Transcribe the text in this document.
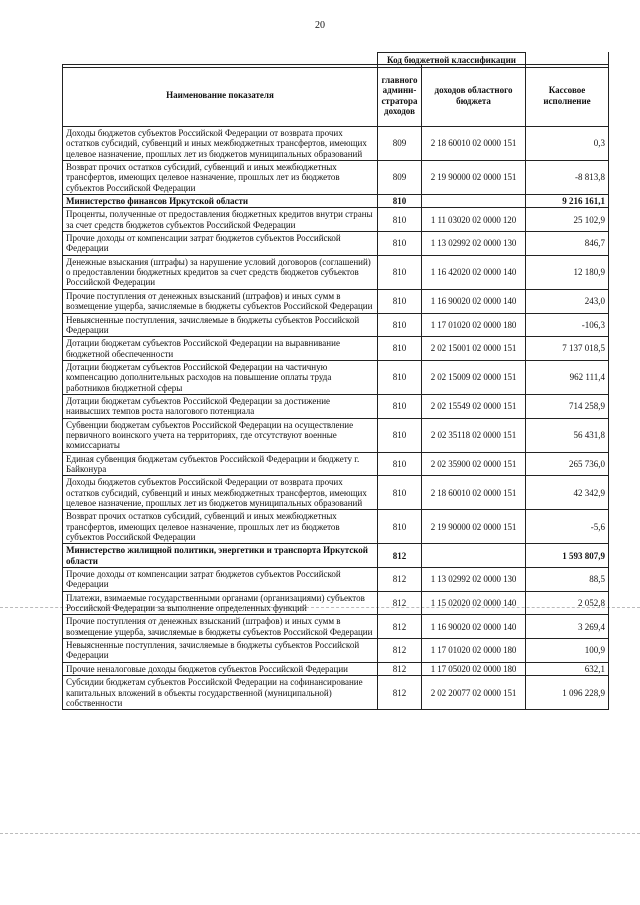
20
	Код бюджетной классификации	
Наименование показателя	главного админи-стратора доходов	доходов областного бюджета	Кассовое исполнение
Доходы бюджетов субъектов Российской Федерации от возврата прочих остатков субсидий, субвенций и иных межбюджетных трансфертов, имеющих целевое назначение, прошлых лет из бюджетов муниципальных образований	809	2 18 60010 02 0000 151	0,3
Возврат прочих остатков субсидий, субвенций и иных межбюджетных трансфертов, имеющих целевое назначение, прошлых лет из бюджетов субъектов Российской Федерации	809	2 19 90000 02 0000 151	-8 813,8
Министерство финансов Иркутской области	810		9 216 161,1
Проценты, полученные от предоставления бюджетных кредитов внутри страны за счет средств бюджетов субъектов Российской Федерации	810	1 11 03020 02 0000 120	25 102,9
Прочие доходы от компенсации затрат бюджетов субъектов Российской Федерации	810	1 13 02992 02 0000 130	846,7
Денежные взыскания (штрафы) за нарушение условий договоров (соглашений) о предоставлении бюджетных кредитов за счет средств бюджетов субъектов Российской Федерации	810	1 16 42020 02 0000 140	12 180,9
Прочие поступления от денежных взысканий (штрафов) и иных сумм в возмещение ущерба, зачисляемые в бюджеты субъектов Российской Федерации	810	1 16 90020 02 0000 140	243,0
Невыясненные поступления, зачисляемые в бюджеты субъектов Российской Федерации	810	1 17 01020 02 0000 180	-106,3
Дотации бюджетам субъектов Российской Федерации на выравнивание бюджетной обеспеченности	810	2 02 15001 02 0000 151	7 137 018,5
Дотации бюджетам субъектов Российской Федерации на частичную компенсацию дополнительных расходов на повышение оплаты труда работников бюджетной сферы	810	2 02 15009 02 0000 151	962 111,4
Дотации бюджетам субъектов Российской Федерации за достижение наивысших темпов роста налогового потенциала	810	2 02 15549 02 0000 151	714 258,9
Субвенции бюджетам субъектов Российской Федерации на осуществление первичного воинского учета на территориях, где отсутствуют военные комиссариаты	810	2 02 35118 02 0000 151	56 431,8
Единая субвенция бюджетам субъектов Российской Федерации и бюджету г. Байконура	810	2 02 35900 02 0000 151	265 736,0
Доходы бюджетов субъектов Российской Федерации от возврата прочих остатков субсидий, субвенций и иных межбюджетных трансфертов, имеющих целевое назначение, прошлых лет из бюджетов муниципальных образований	810	2 18 60010 02 0000 151	42 342,9
Возврат прочих остатков субсидий, субвенций и иных межбюджетных трансфертов, имеющих целевое назначение, прошлых лет из бюджетов субъектов Российской Федерации	810	2 19 90000 02 0000 151	-5,6
Министерство жилищной политики, энергетики и транспорта Иркутской области	812		1 593 807,9
Прочие доходы от компенсации затрат бюджетов субъектов Российской Федерации	812	1 13 02992 02 0000 130	88,5
Платежи, взимаемые государственными органами (организациями) субъектов Российской Федерации за выполнение определенных функций	812	1 15 02020 02 0000 140	2 052,8
Прочие поступления от денежных взысканий (штрафов) и иных сумм в возмещение ущерба, зачисляемые в бюджеты субъектов Российской Федерации	812	1 16 90020 02 0000 140	3 269,4
Невыясненные поступления, зачисляемые в бюджеты субъектов Российской Федерации	812	1 17 01020 02 0000 180	100,9
Прочие неналоговые доходы бюджетов субъектов Российской Федерации	812	1 17 05020 02 0000 180	632,1
Субсидии бюджетам субъектов Российской Федерации на софинансирование капитальных вложений в объекты государственной (муниципальной) собственности	812	2 02 20077 02 0000 151	1 096 228,9
